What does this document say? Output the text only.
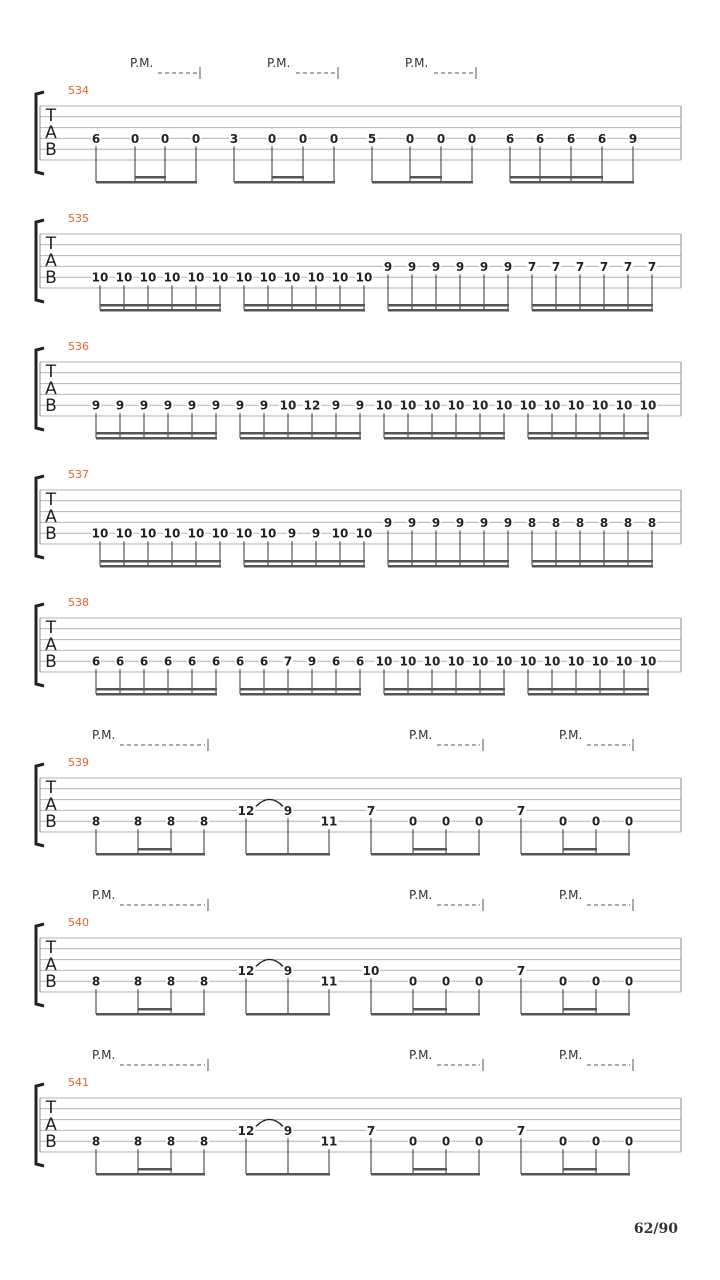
T
A
B
534
P.M.	P.M.	P.M.
6	0 0 0 3 0 0 0 5 0 0 0 6 6 6 6 9
T
A
B
535
10 10 10 10 10 10 10 10 10 10 10 10
9 9 9 9 9 9 7 7 7 7 7 7
T
A
B
536
9 9 9 9 9 9 9 9 10 12 9 9 10 10 10 10 10 10 10 10 10 10 10 10
T
A
B
537
10 10 10 10 10 10 10 10 9 9 10 10
9 9 9 9 9 9 8 8 8 8 8 8
T
A
B
538
6 6 6 6 6 6 6 6 7 9 6 6 10 10 10 10 10 10 10 10 10 10 10 10
T
A
B
539
P.M.	P.M.	P.M.
8	8 8 8
12 9
11
7
0 0 0
7
0 0 0
T
A
B
540
P.M.	P.M.	P.M.
8	8 8 8
12 9
11
10
0 0 0
7
0 0 0
T
A
B
541
P.M.	P.M.	P.M.
8	8 8 8
12 9
11
7
0 0 0
7
0 0 0
62/90
